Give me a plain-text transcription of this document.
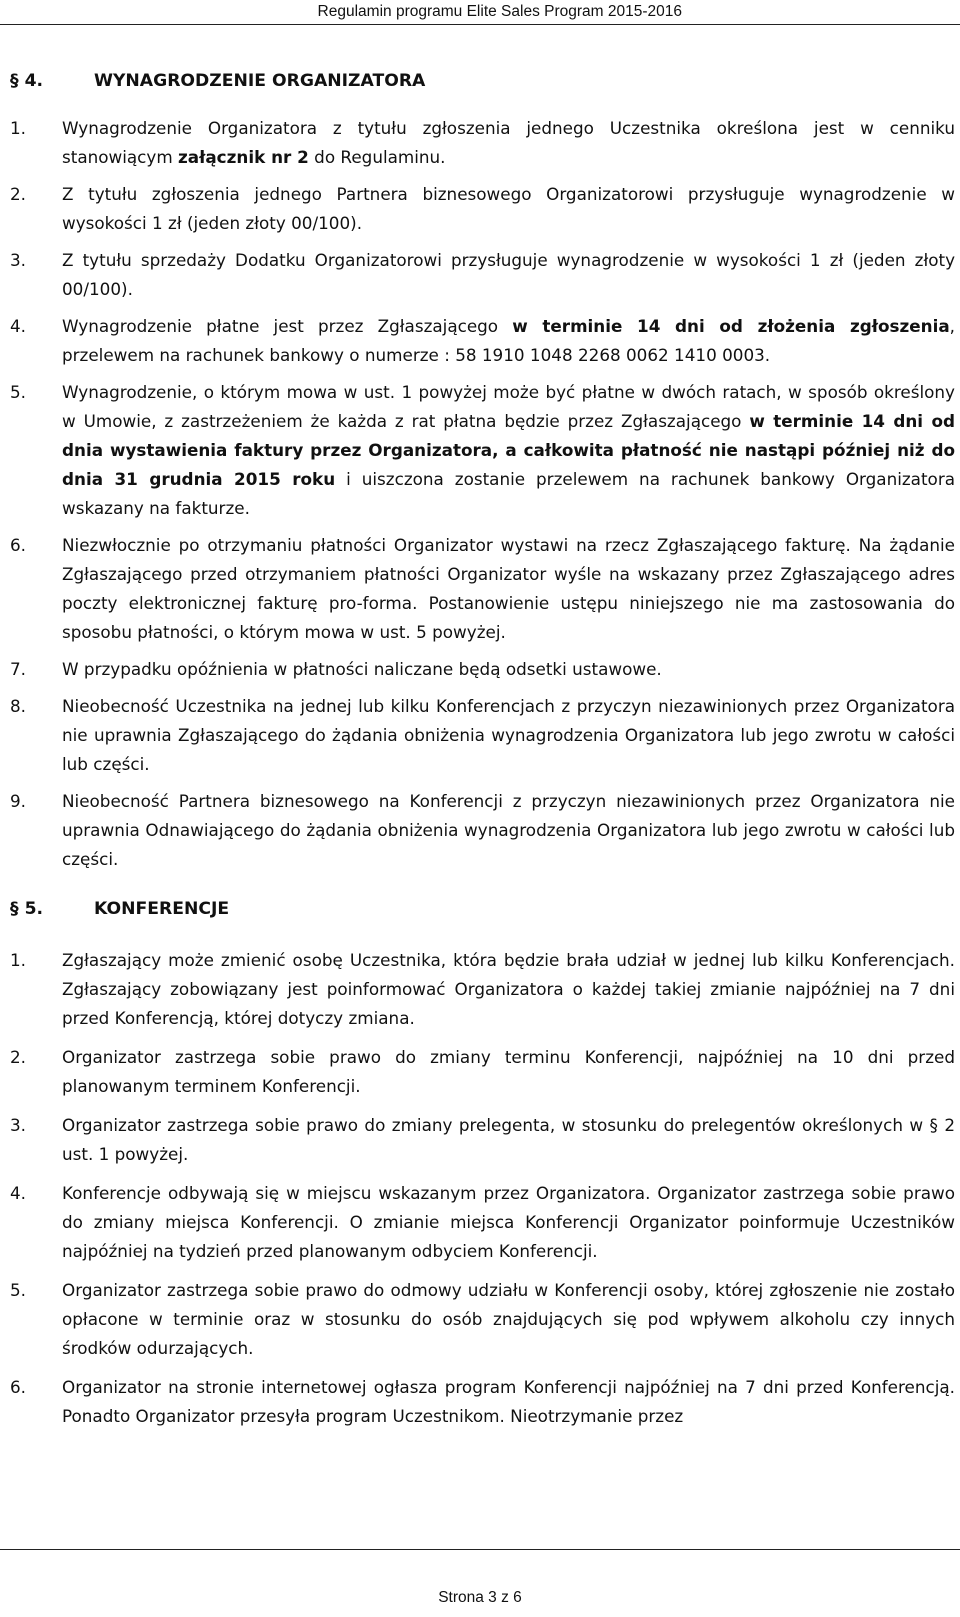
Regulamin programu Elite Sales Program 2015-2016
§ 4.	WYNAGRODZENIE ORGANIZATORA
1.	Wynagrodzenie Organizatora z tytułu zgłoszenia jednego Uczestnika określona jest w cenniku stanowiącym załącznik nr 2 do Regulaminu.
2.	Z tytułu zgłoszenia jednego Partnera biznesowego Organizatorowi przysługuje wynagrodzenie w wysokości 1 zł (jeden złoty 00/100).
3.	Z tytułu sprzedaży Dodatku Organizatorowi przysługuje wynagrodzenie w wysokości 1 zł (jeden złoty 00/100).
4.	Wynagrodzenie płatne jest przez Zgłaszającego w terminie 14 dni od złożenia zgłoszenia, przelewem na rachunek bankowy o numerze : 58 1910 1048 2268 0062 1410 0003.
5.	Wynagrodzenie, o którym mowa w ust. 1 powyżej może być płatne w dwóch ratach, w sposób określony w Umowie, z zastrzeżeniem że każda z rat płatna będzie przez Zgłaszającego w terminie 14 dni od dnia wystawienia faktury przez Organizatora, a całkowita płatność nie nastąpi później niż do dnia 31 grudnia 2015 roku i uiszczona zostanie przelewem na rachunek bankowy Organizatora wskazany na fakturze.
6.	Niezwłocznie po otrzymaniu płatności Organizator wystawi na rzecz Zgłaszającego fakturę. Na żądanie Zgłaszającego przed otrzymaniem płatności Organizator wyśle na wskazany przez Zgłaszającego adres poczty elektronicznej fakturę pro-forma. Postanowienie ustępu niniejszego nie ma zastosowania do sposobu płatności, o którym mowa w ust. 5 powyżej.
7.	W przypadku opóźnienia w płatności naliczane będą odsetki ustawowe.
8.	Nieobecność Uczestnika na jednej lub kilku Konferencjach z przyczyn niezawinionych przez Organizatora nie uprawnia Zgłaszającego do żądania obniżenia wynagrodzenia Organizatora lub jego zwrotu w całości lub części.
9.	Nieobecność Partnera biznesowego na Konferencji z przyczyn niezawinionych przez Organizatora nie uprawnia Odnawiającego do żądania obniżenia wynagrodzenia Organizatora lub jego zwrotu w całości lub części.
§ 5.	KONFERENCJE
1.	Zgłaszający może zmienić osobę Uczestnika, która będzie brała udział w jednej lub kilku Konferencjach. Zgłaszający zobowiązany jest poinformować Organizatora o każdej takiej zmianie najpóźniej na 7 dni przed Konferencją, której dotyczy zmiana.
2.	Organizator zastrzega sobie prawo do zmiany terminu Konferencji, najpóźniej na 10 dni przed planowanym terminem Konferencji.
3.	Organizator zastrzega sobie prawo do zmiany prelegenta, w stosunku do prelegentów określonych w § 2 ust. 1 powyżej.
4.	Konferencje odbywają się w miejscu wskazanym przez Organizatora. Organizator zastrzega sobie prawo do zmiany miejsca Konferencji. O zmianie miejsca Konferencji Organizator poinformuje Uczestników najpóźniej na tydzień przed planowanym odbyciem Konferencji.
5.	Organizator zastrzega sobie prawo do odmowy udziału w Konferencji osoby, której zgłoszenie nie zostało opłacone w terminie oraz w stosunku do osób znajdujących się pod wpływem alkoholu czy innych środków odurzających.
6.	Organizator na stronie internetowej ogłasza program Konferencji najpóźniej na 7 dni przed Konferencją. Ponadto Organizator przesyła program Uczestnikom. Nieotrzymanie przez
Strona 3 z 6
